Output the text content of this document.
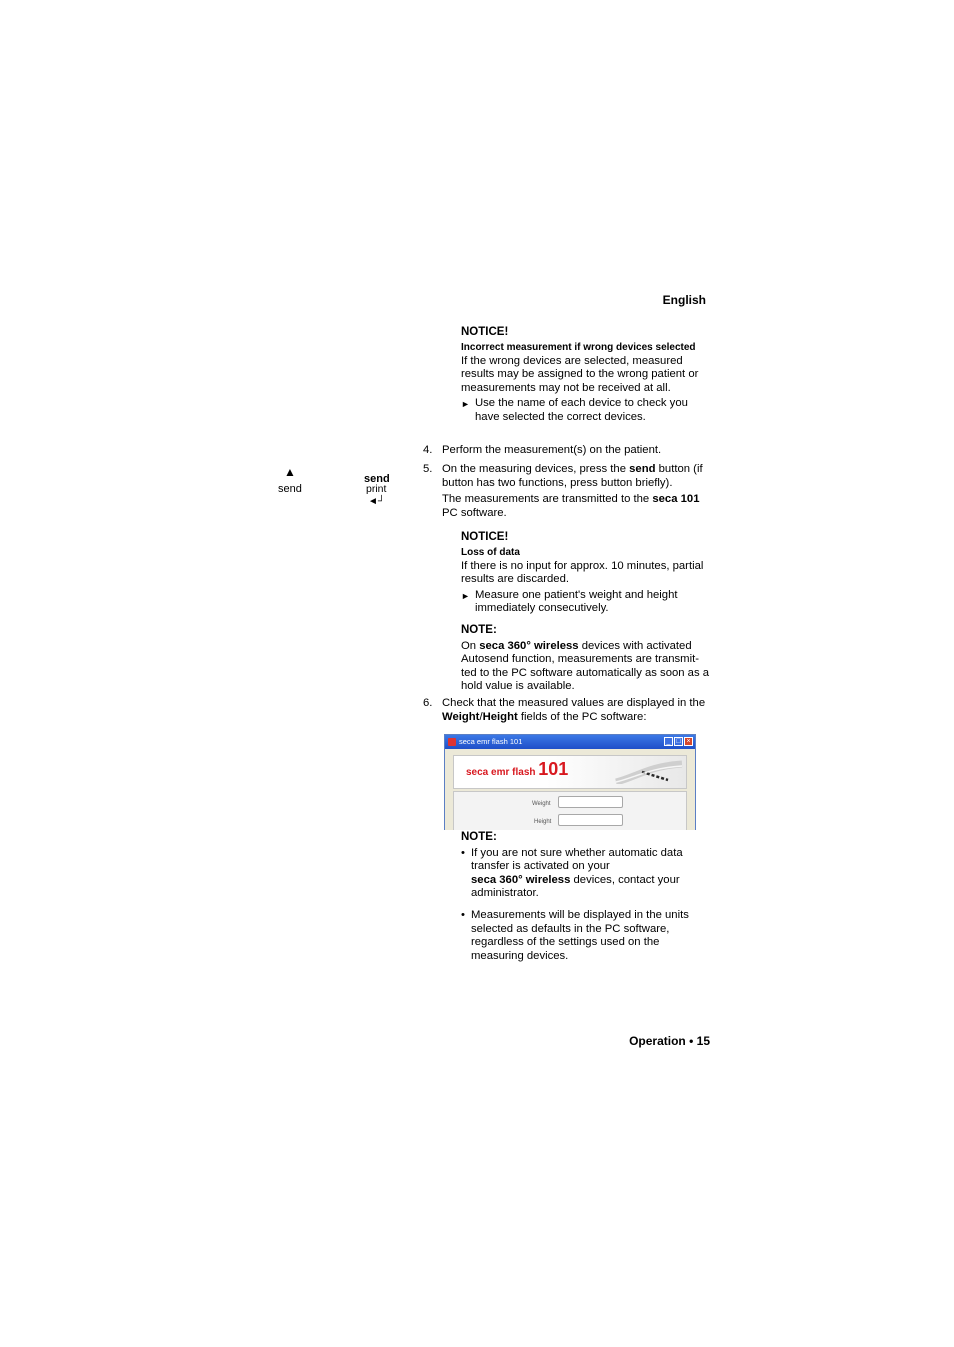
English
NOTICE!
Incorrect measurement if wrong devices selected
If the wrong devices are selected, measured results may be assigned to the wrong patient or measurements may not be received at all.
► Use the name of each device to check you have selected the correct devices.
4. Perform the measurement(s) on the patient.
5. On the measuring devices, press the send button (if button has two functions, press button briefly).
The measurements are transmitted to the seca 101 PC software.
▲
send
send
print
◄┘
NOTICE!
Loss of data
If there is no input for approx. 10 minutes, partial results are discarded.
► Measure one patient's weight and height immediately consecutively.
NOTE:
On seca 360° wireless devices with activated Autosend function, measurements are transmit-ted to the PC software automatically as soon as a hold value is available.
6. Check that the measured values are displayed in the Weight/Height fields of the PC software:
seca emr flash 101	_ □ ×
seca emr flash 101
Weight
Height
NOTE:
• If you are not sure whether automatic data transfer is activated on your
seca 360° wireless devices, contact your administrator.
• Measurements will be displayed in the units selected as defaults in the PC software, regardless of the settings used on the measuring devices.
Operation • 15
